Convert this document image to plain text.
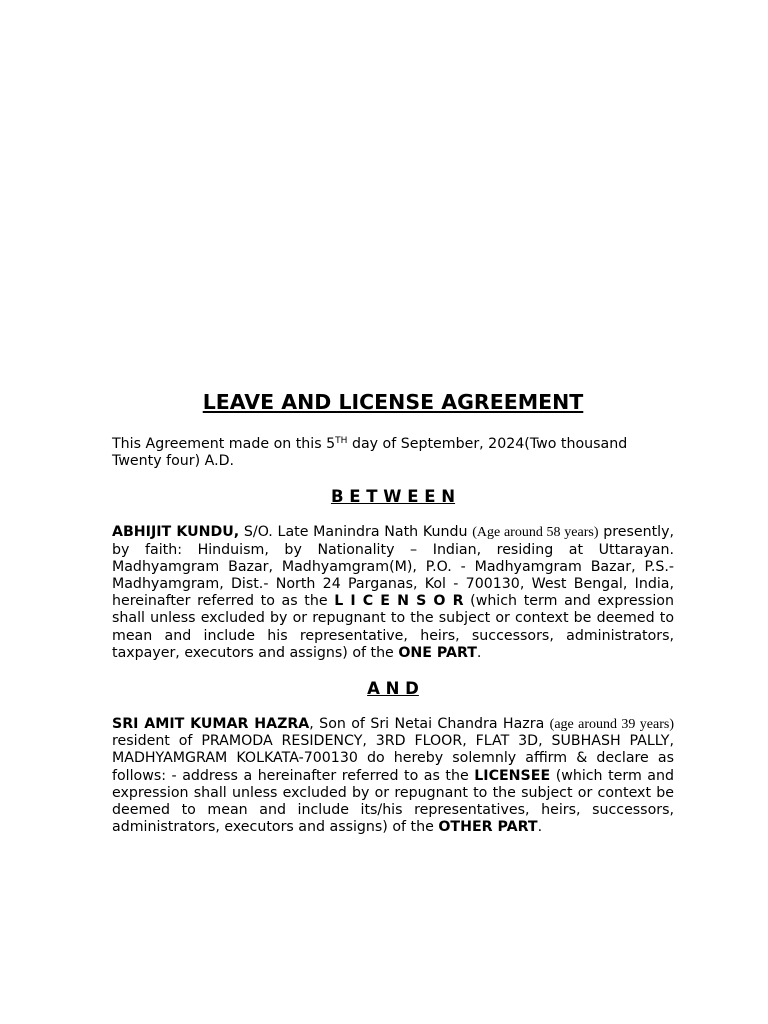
LEAVE AND LICENSE AGREEMENT
This Agreement made on this 5TH day of September, 2024(Two thousand Twenty four) A.D.
B E T W E E N
ABHIJIT KUNDU, S/O. Late Manindra Nath Kundu (Age around 58 years) presently, by faith: Hinduism, by Nationality – Indian, residing at Uttarayan. Madhyamgram Bazar, Madhyamgram(M), P.O. - Madhyamgram Bazar, P.S.- Madhyamgram, Dist.- North 24 Parganas, Kol - 700130, West Bengal, India, hereinafter referred to as the L I C E N S O R (which term and expression shall unless excluded by or repugnant to the subject or context be deemed to mean and include his representative, heirs, successors, administrators, taxpayer, executors and assigns) of the ONE PART.
A N D
SRI AMIT KUMAR HAZRA, Son of Sri Netai Chandra Hazra (age around 39 years) resident of PRAMODA RESIDENCY, 3RD FLOOR, FLAT 3D, SUBHASH PALLY, MADHYAMGRAM KOLKATA-700130 do hereby solemnly affirm & declare as follows: - address a hereinafter referred to as the LICENSEE (which term and expression shall unless excluded by or repugnant to the subject or context be deemed to mean and include its/his representatives, heirs, successors, administrators, executors and assigns) of the OTHER PART.
